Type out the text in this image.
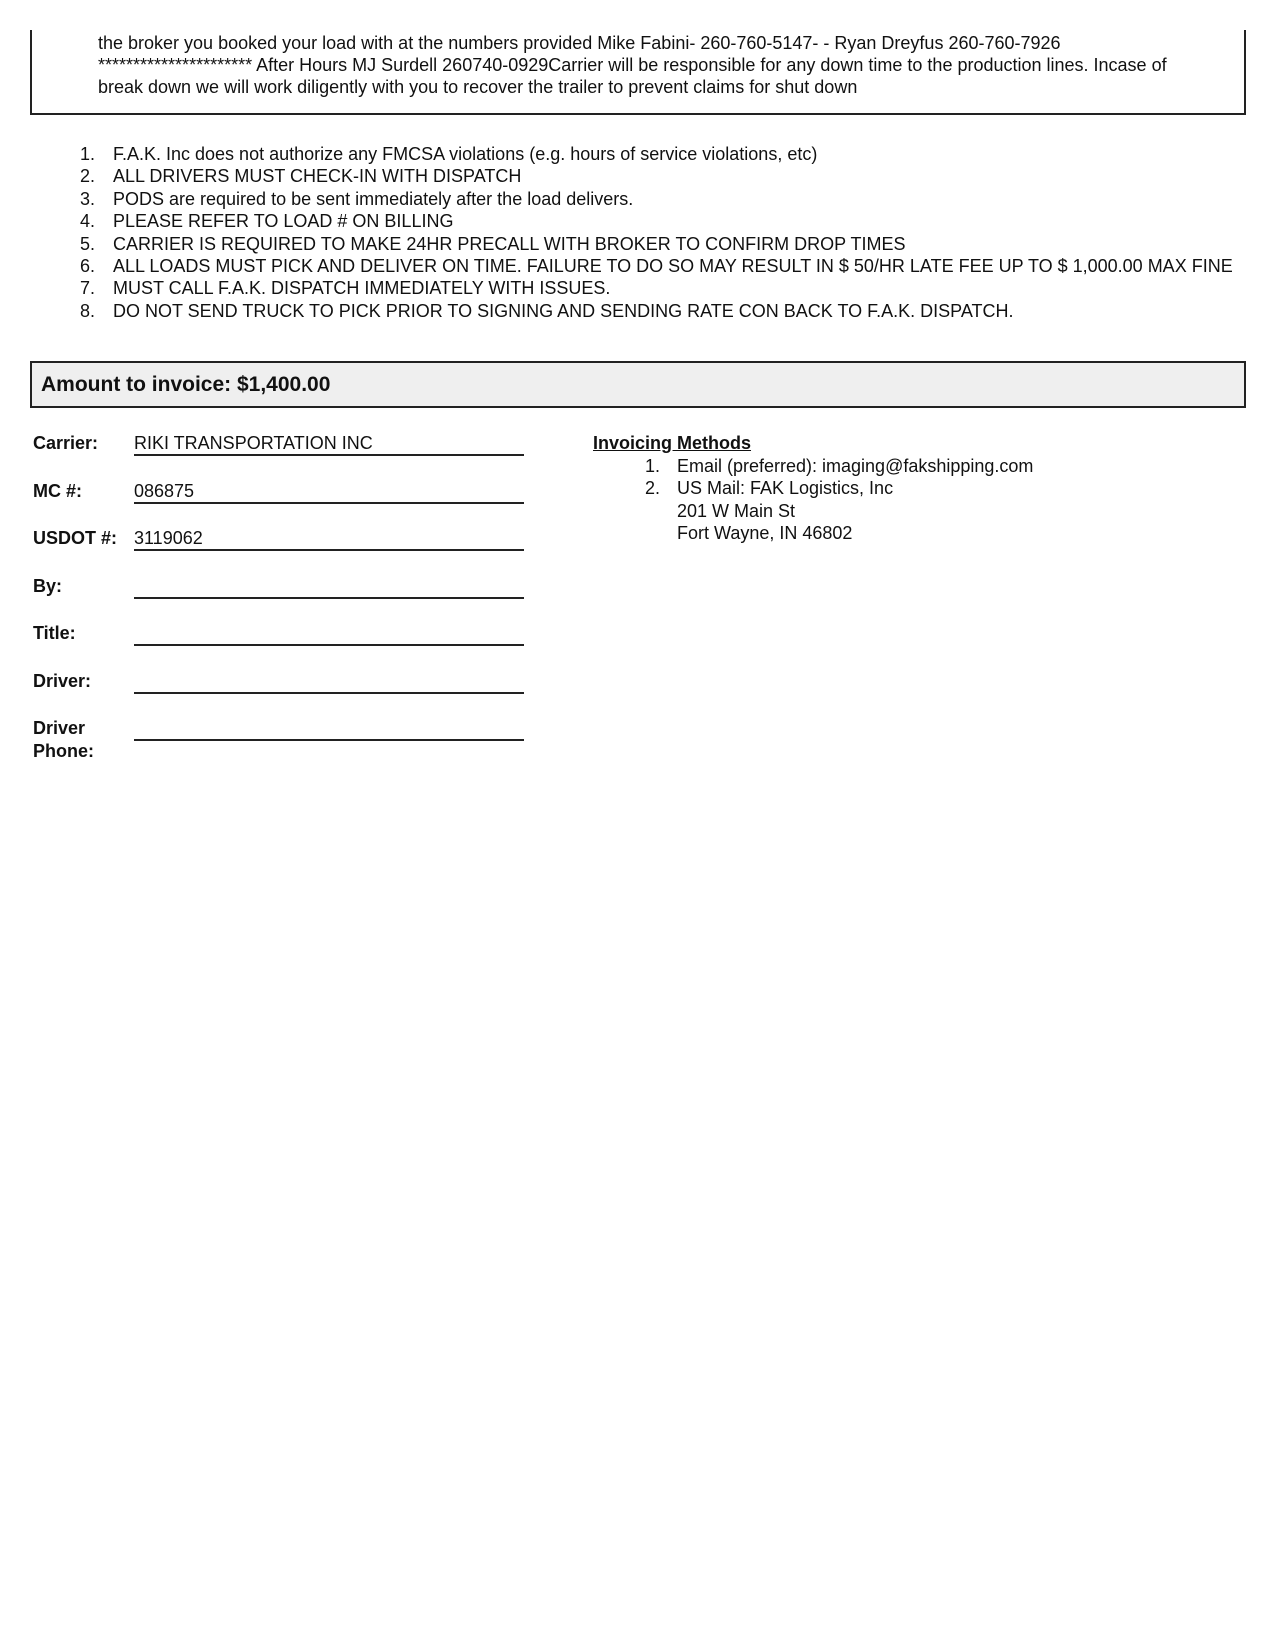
the broker you booked your load with at the numbers provided Mike Fabini- 260-760-5147- - Ryan Dreyfus 260-760-7926

********************** After Hours MJ Surdell 260740-0929Carrier will be responsible for any down time to the production lines. Incase of

break down we will work diligently with you to recover the trailer to prevent claims for shut down

1. F.A.K. Inc does not authorize any FMCSA violations (e.g. hours of service violations, etc)
2. ALL DRIVERS MUST CHECK-IN WITH DISPATCH
3. PODS are required to be sent immediately after the load delivers.
4. PLEASE REFER TO LOAD # ON BILLING
5. CARRIER IS REQUIRED TO MAKE 24HR PRECALL WITH BROKER TO CONFIRM DROP TIMES
6. ALL LOADS MUST PICK AND DELIVER ON TIME. FAILURE TO DO SO MAY RESULT IN $ 50/HR LATE FEE UP TO $ 1,000.00 MAX FINE
7. MUST CALL F.A.K. DISPATCH IMMEDIATELY WITH ISSUES.
8. DO NOT SEND TRUCK TO PICK PRIOR TO SIGNING AND SENDING RATE CON BACK TO F.A.K. DISPATCH.
Amount to invoice: $1,400.00
Carrier: RIKI TRANSPORTATION INC
MC #:	086875
USDOT #: 3119062
By:
Title:
Driver:
Driver
Phone:
Invoicing Methods
1. Email (preferred): imaging@fakshipping.com
2. US Mail: FAK Logistics, Inc
201 W Main St
Fort Wayne, IN 46802
